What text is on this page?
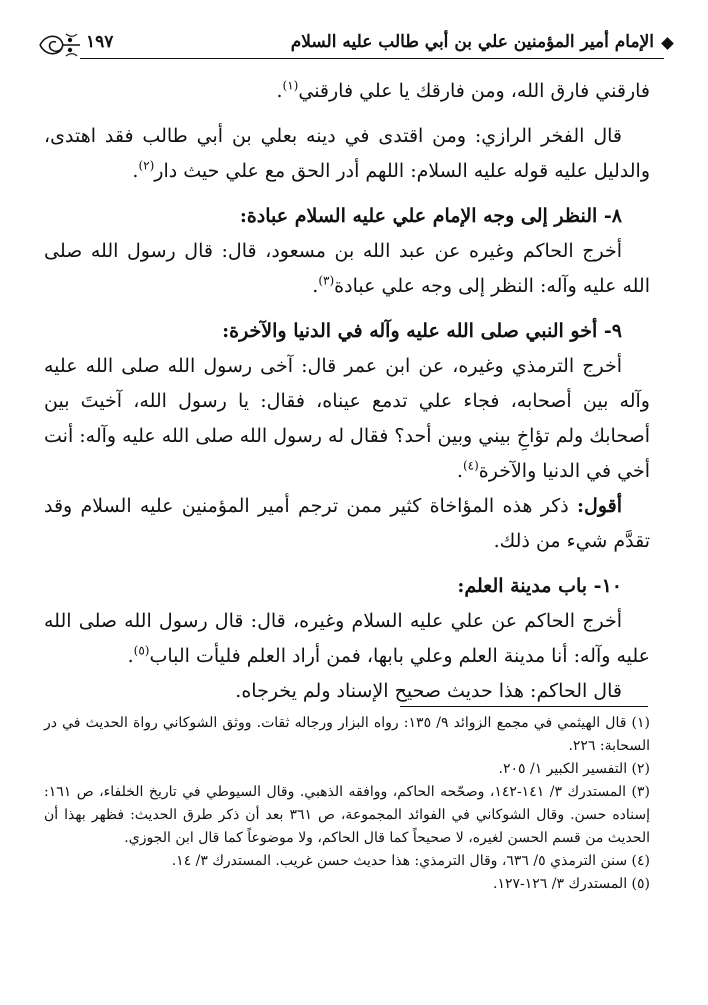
الإمام أمير المؤمنين علي بن أبي طالب عليه السلام
١٩٧

فارقني فارق الله، ومن فارقك يا علي فارقني$^{(١)}$.

قال الفخر الرازي: ومن اقتدى في دينه بعلي بن أبي طالب فقد اهتدى، والدليل عليه قوله عليه السلام: اللهم أدر الحق مع علي حيث دار$^{(٢)}$.

٨- النظر إلى وجه الإمام علي عليه السلام عبادة:

أخرج الحاكم وغيره عن عبد الله بن مسعود، قال: قال رسول الله صلى الله عليه وآله: النظر إلى وجه علي عبادة$^{(٣)}$.

٩- أخو النبي صلى الله عليه وآله في الدنيا والآخرة:

أخرج الترمذي وغيره، عن ابن عمر قال: آخى رسول الله صلى الله عليه وآله بين أصحابه، فجاء علي تدمع عيناه، فقال: يا رسول الله، آخيتَ بين أصحابك ولم تؤاخِ بيني وبين أحد؟ فقال له رسول الله صلى الله عليه وآله: أنت أخي في الدنيا والآخرة$^{(٤)}$.

أقول: ذكر هذه المؤاخاة كثير ممن ترجم أمير المؤمنين عليه السلام وقد تقدَّم شيء من ذلك.

١٠- باب مدينة العلم:

أخرج الحاكم عن علي عليه السلام وغيره، قال: قال رسول الله صلى الله عليه وآله: أنا مدينة العلم وعلي بابها، فمن أراد العلم فليأت الباب$^{(٥)}$.

قال الحاكم: هذا حديث صحيح الإسناد ولم يخرجاه.

(١) قال الهيثمي في مجمع الزوائد ٩/ ١٣٥: رواه البزار ورجاله ثقات. ووثق الشوكاني رواة الحديث في در السحابة: ٢٢٦.

(٢) التفسير الكبير ١/ ٢٠٥.

(٣) المستدرك ٣/ ١٤١-١٤٢، وصحّحه الحاكم، ووافقه الذهبي. وقال السيوطي في تاريخ الخلفاء، ص ١٦١: إسناده حسن. وقال الشوكاني في الفوائد المجموعة، ص ٣٦١ بعد أن ذكر طرق الحديث: فظهر بهذا أن الحديث من قسم الحسن لغيره، لا صحيحاً كما قال الحاكم، ولا موضوعاً كما قال ابن الجوزي.

(٤) سنن الترمذي ٥/ ٦٣٦، وقال الترمذي: هذا حديث حسن غريب. المستدرك ٣/ ١٤.

(٥) المستدرك ٣/ ١٢٦-١٢٧.
